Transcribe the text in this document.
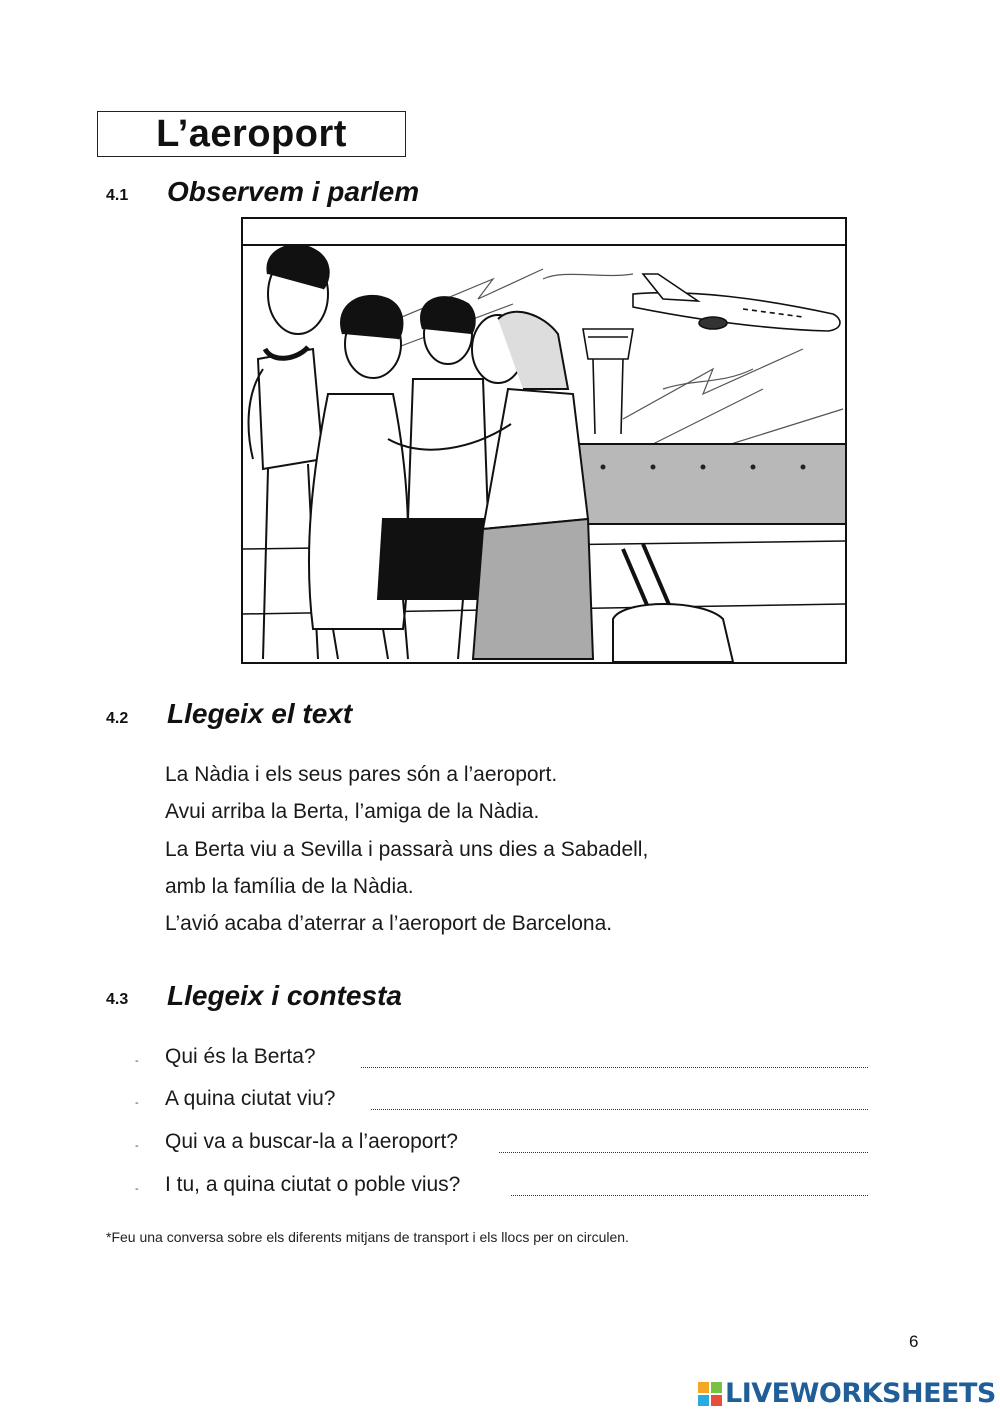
L’aeroport
4.1 Observem i parlem
4.2 Llegeix el text
La Nàdia i els seus pares són a l’aeroport.
Avui arriba la Berta, l’amiga de la Nàdia.
La Berta viu a Sevilla i passarà uns dies a Sabadell,
amb la família de la Nàdia.
L’avió acaba d’aterrar a l’aeroport de Barcelona.
4.3 Llegeix i contesta
- Qui és la Berta?
- A quina ciutat viu?
- Qui va a buscar-la a l’aeroport?
- I tu, a quina ciutat o poble vius?
*Feu una conversa sobre els diferents mitjans de transport i els llocs per on circulen.
6
LIVEWORKSHEETS
